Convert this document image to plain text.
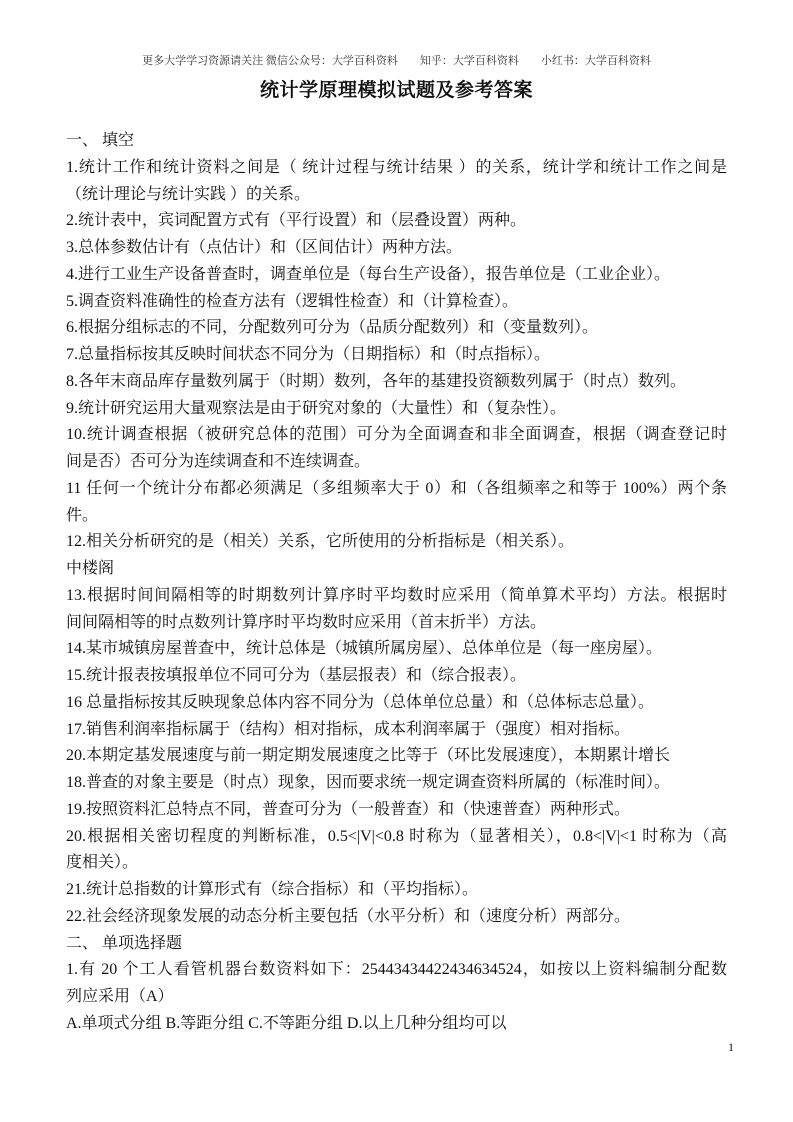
更多大学学习资源请关注 微信公众号：大学百科资料        知乎：大学百科资料        小红书：大学百科资料
统计学原理模拟试题及参考答案
一、 填空
1.统计工作和统计资料之间是（ 统计过程与统计结果 ）的关系，统计学和统计工作之间是
（统计理论与统计实践 ）的关系。
2.统计表中，宾词配置方式有（平行设置）和（层叠设置）两种。
3.总体参数估计有（点估计）和（区间估计）两种方法。
4.进行工业生产设备普查时，调查单位是（每台生产设备），报告单位是（工业企业）。
5.调查资料准确性的检查方法有（逻辑性检查）和（计算检查）。
6.根据分组标志的不同，分配数列可分为（品质分配数列）和（变量数列）。
7.总量指标按其反映时间状态不同分为（日期指标）和（时点指标）。
8.各年末商品库存量数列属于（时期）数列，各年的基建投资额数列属于（时点）数列。
9.统计研究运用大量观察法是由于研究对象的（大量性）和（复杂性）。
10.统计调查根据（被研究总体的范围）可分为全面调查和非全面调查，根据（调查登记时
间是否）否可分为连续调查和不连续调查。
11 任何一个统计分布都必须满足（多组频率大于 0）和（各组频率之和等于 100%）两个条
件。
12.相关分析研究的是（相关）关系，它所使用的分析指标是（相关系）。
中楼阁
13.根据时间间隔相等的时期数列计算序时平均数时应采用（简单算术平均）方法。根据时
间间隔相等的时点数列计算序时平均数时应采用（首末折半）方法。
14.某市城镇房屋普查中，统计总体是（城镇所属房屋）、总体单位是（每一座房屋）。
15.统计报表按填报单位不同可分为（基层报表）和（综合报表）。
16 总量指标按其反映现象总体内容不同分为（总体单位总量）和（总体标志总量）。
17.销售利润率指标属于（结构）相对指标，成本利润率属于（强度）相对指标。
20.本期定基发展速度与前一期定期发展速度之比等于（环比发展速度），本期累计增长
18.普查的对象主要是（时点）现象，因而要求统一规定调查资料所属的（标准时间）。
19.按照资料汇总特点不同，普查可分为（一般普查）和（快速普查）两种形式。
20.根据相关密切程度的判断标准，0.5<|V|<0.8 时称为（显著相关），0.8<|V|<1 时称为（高
度相关）。
21.统计总指数的计算形式有（综合指标）和（平均指标）。
22.社会经济现象发展的动态分析主要包括（水平分析）和（速度分析）两部分。
二、 单项选择题
1.有 20 个工人看管机器台数资料如下：25443434422434634524，如按以上资料编制分配数
列应采用（A）
A.单项式分组 B.等距分组 C.不等距分组 D.以上几种分组均可以
1
